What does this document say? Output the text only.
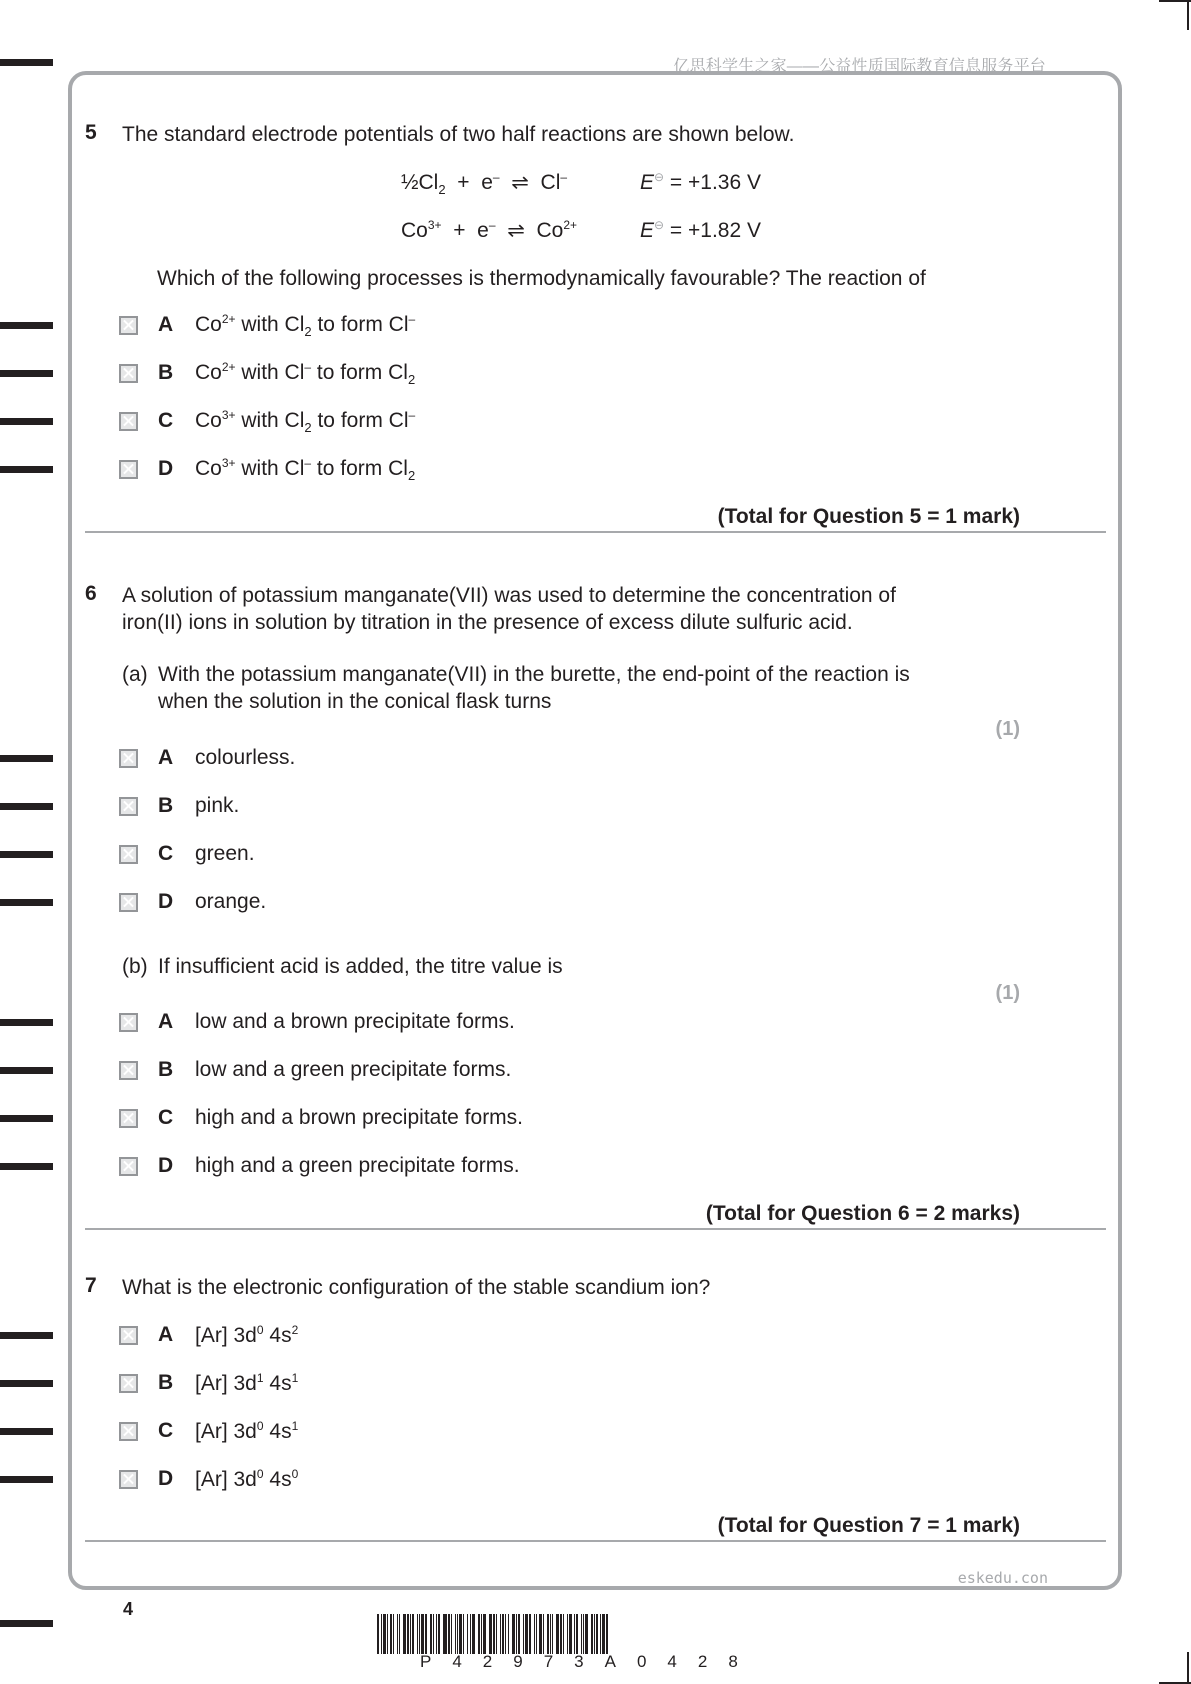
亿思科学生之家——公益性质国际教育信息服务平台
5 The standard electrode potentials of two half reactions are shown below.
$\frac{1}{2}Cl_2 + e^-$ ⇌ Cl–	E⊖ = +1.36 V
$Co^{3+} + e^-$ ⇌ $Co^{2+}$	E⊖ = +1.82 V
Which of the following processes is thermodynamically favourable? The reaction of
A $Co^{2+}$ with $Cl_2$ to form Cl–
B $Co^{2+}$ with Cl– to form $Cl_2$
C $Co^{3+}$ with $Cl_2$ to form Cl–
D $Co^{3+}$ with Cl– to form $Cl_2$
(Total for Question 5 = 1 mark)
6 A solution of potassium manganate(VII) was used to determine the concentration of
iron(II) ions in solution by titration in the presence of excess dilute sulfuric acid.
(a) With the potassium manganate(VII) in the burette, the end-point of the reaction is
when the solution in the conical flask turns
(1)
A colourless.
B pink.
C green.
D orange.
(b) If insufficient acid is added, the titre value is
(1)
A low and a brown precipitate forms.
B low and a green precipitate forms.
C high and a brown precipitate forms.
D high and a green precipitate forms.
(Total for Question 6 = 2 marks)
7 What is the electronic configuration of the stable scandium ion?
A [Ar] $3d^0$ $4s^2$
B [Ar] $3d^1$ $4s^1$
C [Ar] $3d^0$ $4s^1$
D [Ar] $3d^0$ $4s^0$
(Total for Question 7 = 1 mark)
eskedu.con
4
P42973A0428
